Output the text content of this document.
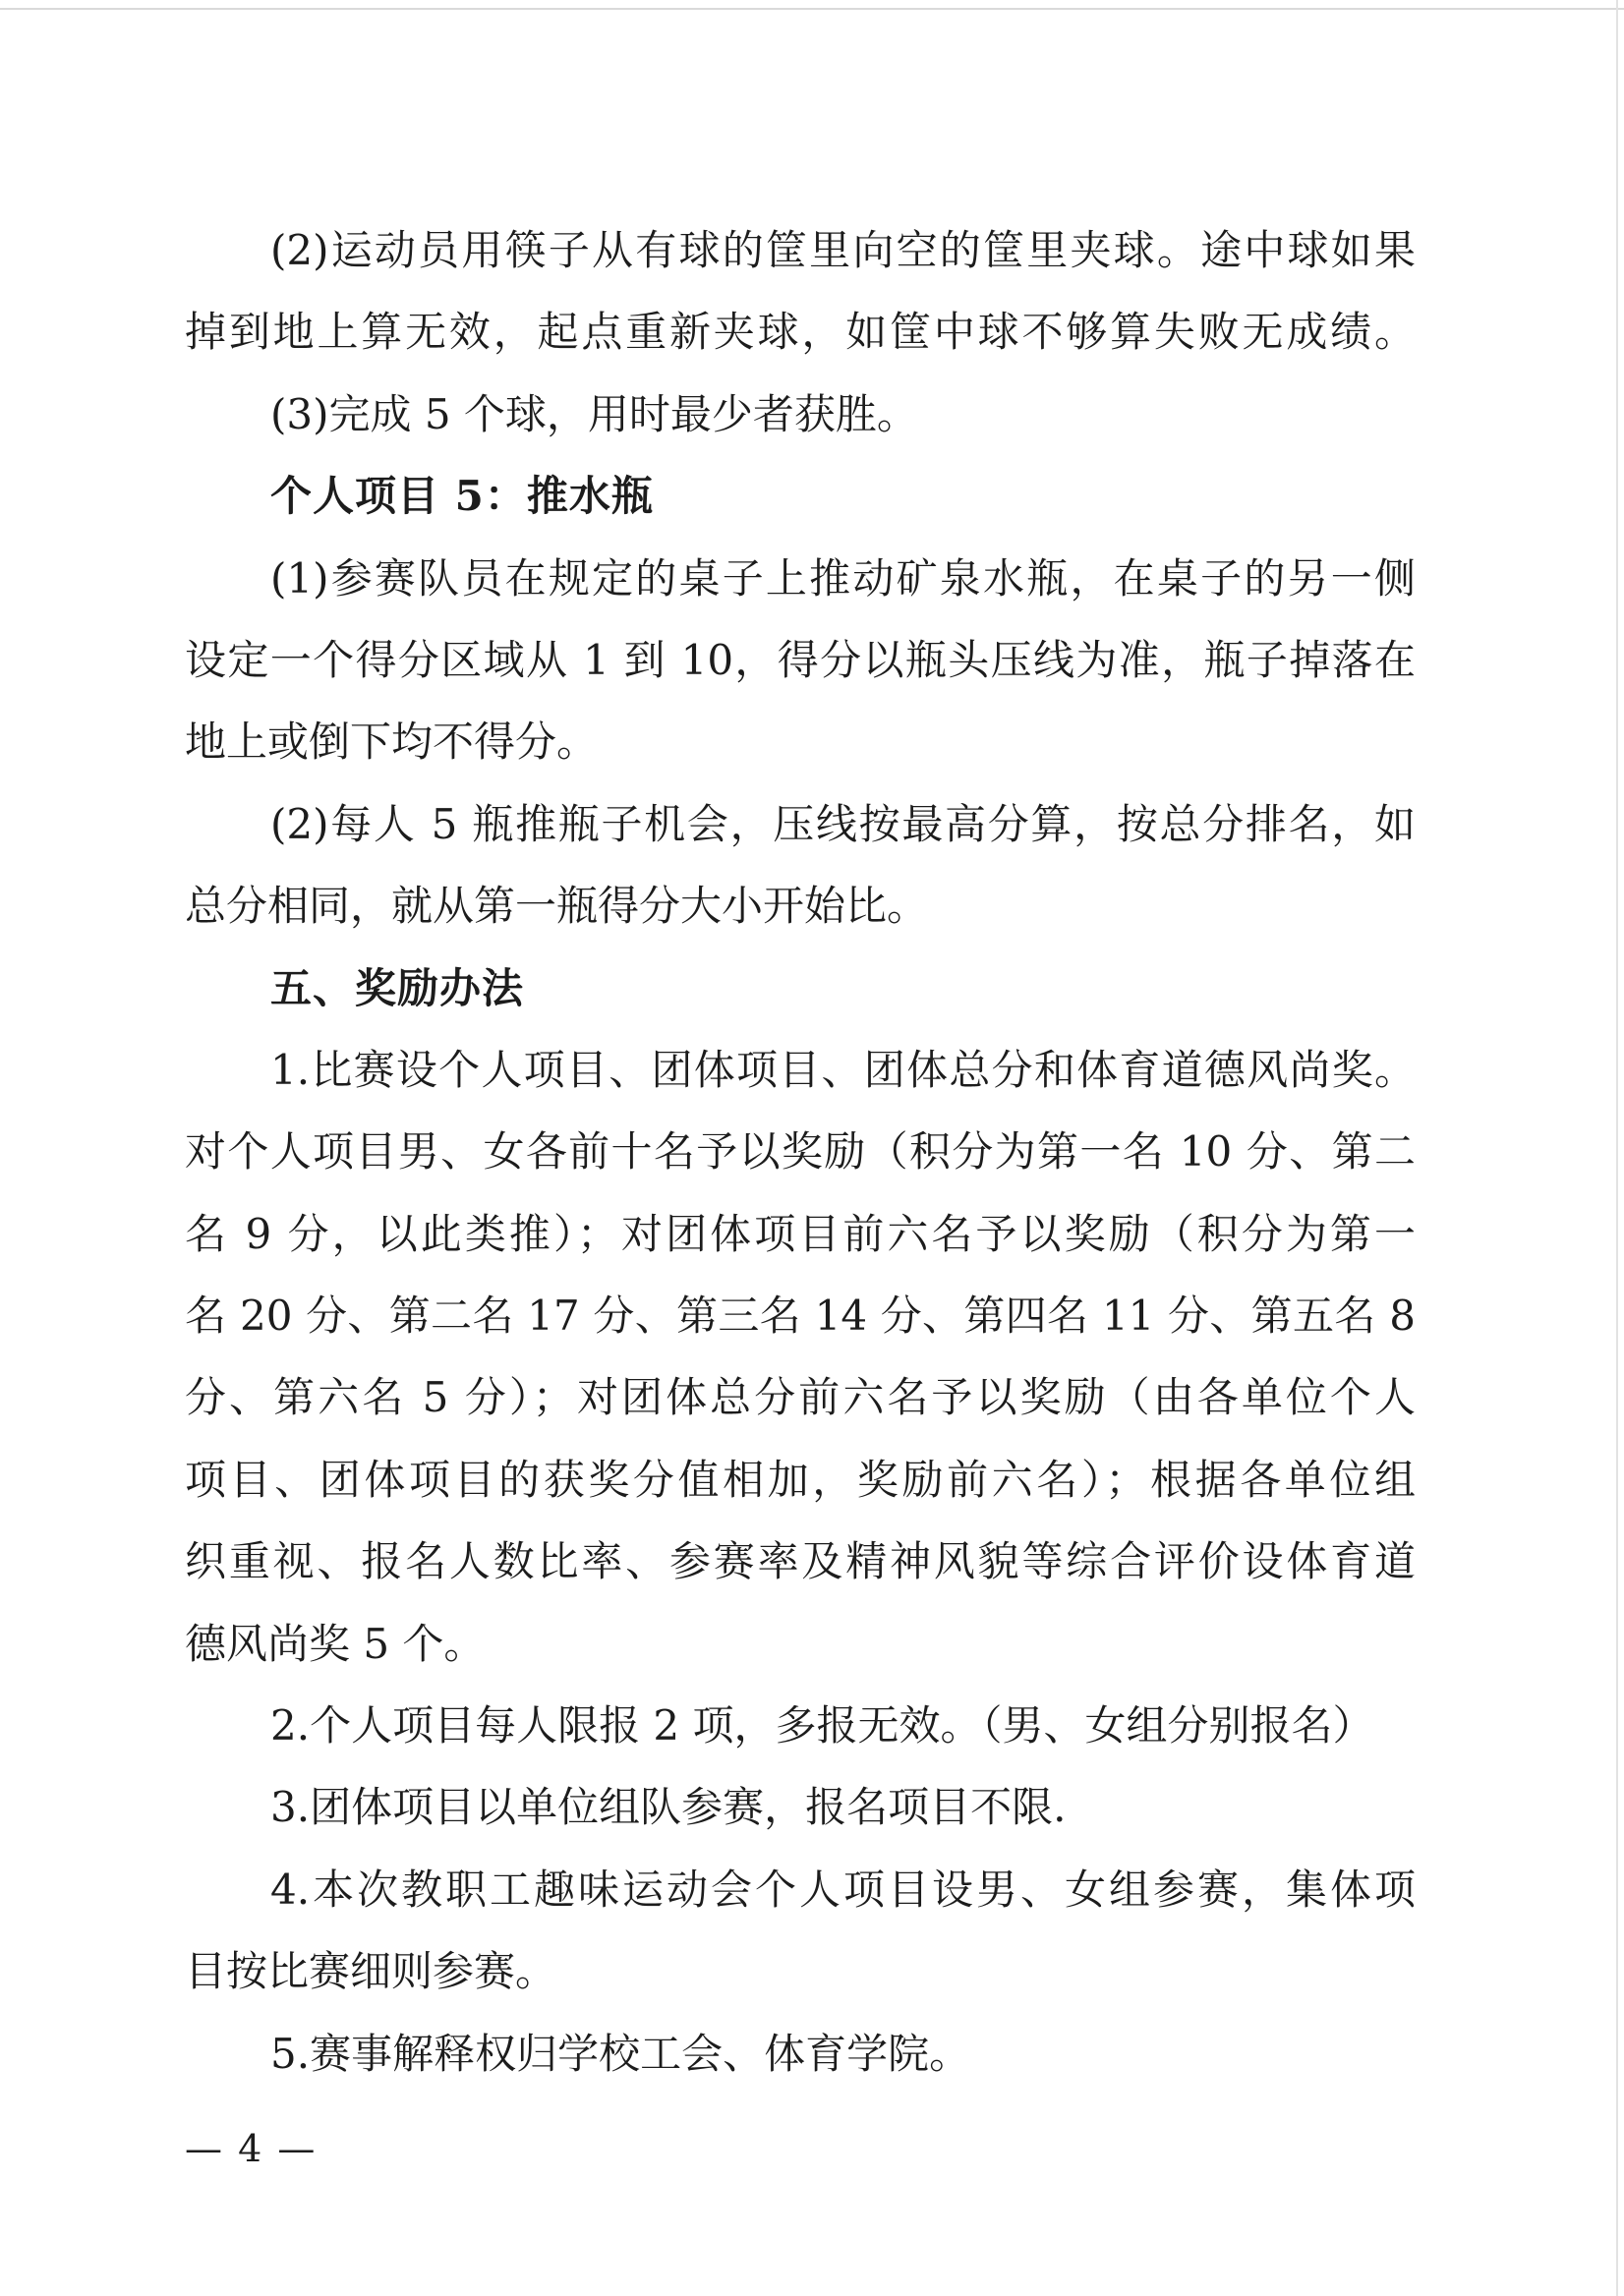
(2)运动员用筷子从有球的筐里向空的筐里夹球。途中球如果
掉到地上算无效，起点重新夹球，如筐中球不够算失败无成绩。
(3)完成 5 个球，用时最少者获胜。
个人项目 5：推水瓶
(1)参赛队员在规定的桌子上推动矿泉水瓶，在桌子的另一侧
设定一个得分区域从 1 到 10，得分以瓶头压线为准，瓶子掉落在
地上或倒下均不得分。
(2)每人 5 瓶推瓶子机会，压线按最高分算，按总分排名，如
总分相同，就从第一瓶得分大小开始比。
五、奖励办法
1.比赛设个人项目、团体项目、团体总分和体育道德风尚奖。
对个人项目男、女各前十名予以奖励（积分为第一名 10 分、第二
名 9 分，以此类推）；对团体项目前六名予以奖励（积分为第一
名 20 分、第二名 17 分、第三名 14 分、第四名 11 分、第五名 8
分、第六名 5 分）；对团体总分前六名予以奖励（由各单位个人
项目、团体项目的获奖分值相加，奖励前六名）；根据各单位组
织重视、报名人数比率、参赛率及精神风貌等综合评价设体育道
德风尚奖 5 个。
2.个人项目每人限报 2 项，多报无效。（男、女组分别报名）
3.团体项目以单位组队参赛，报名项目不限.
4.本次教职工趣味运动会个人项目设男、女组参赛，集体项
目按比赛细则参赛。
5.赛事解释权归学校工会、体育学院。
— 4 —
